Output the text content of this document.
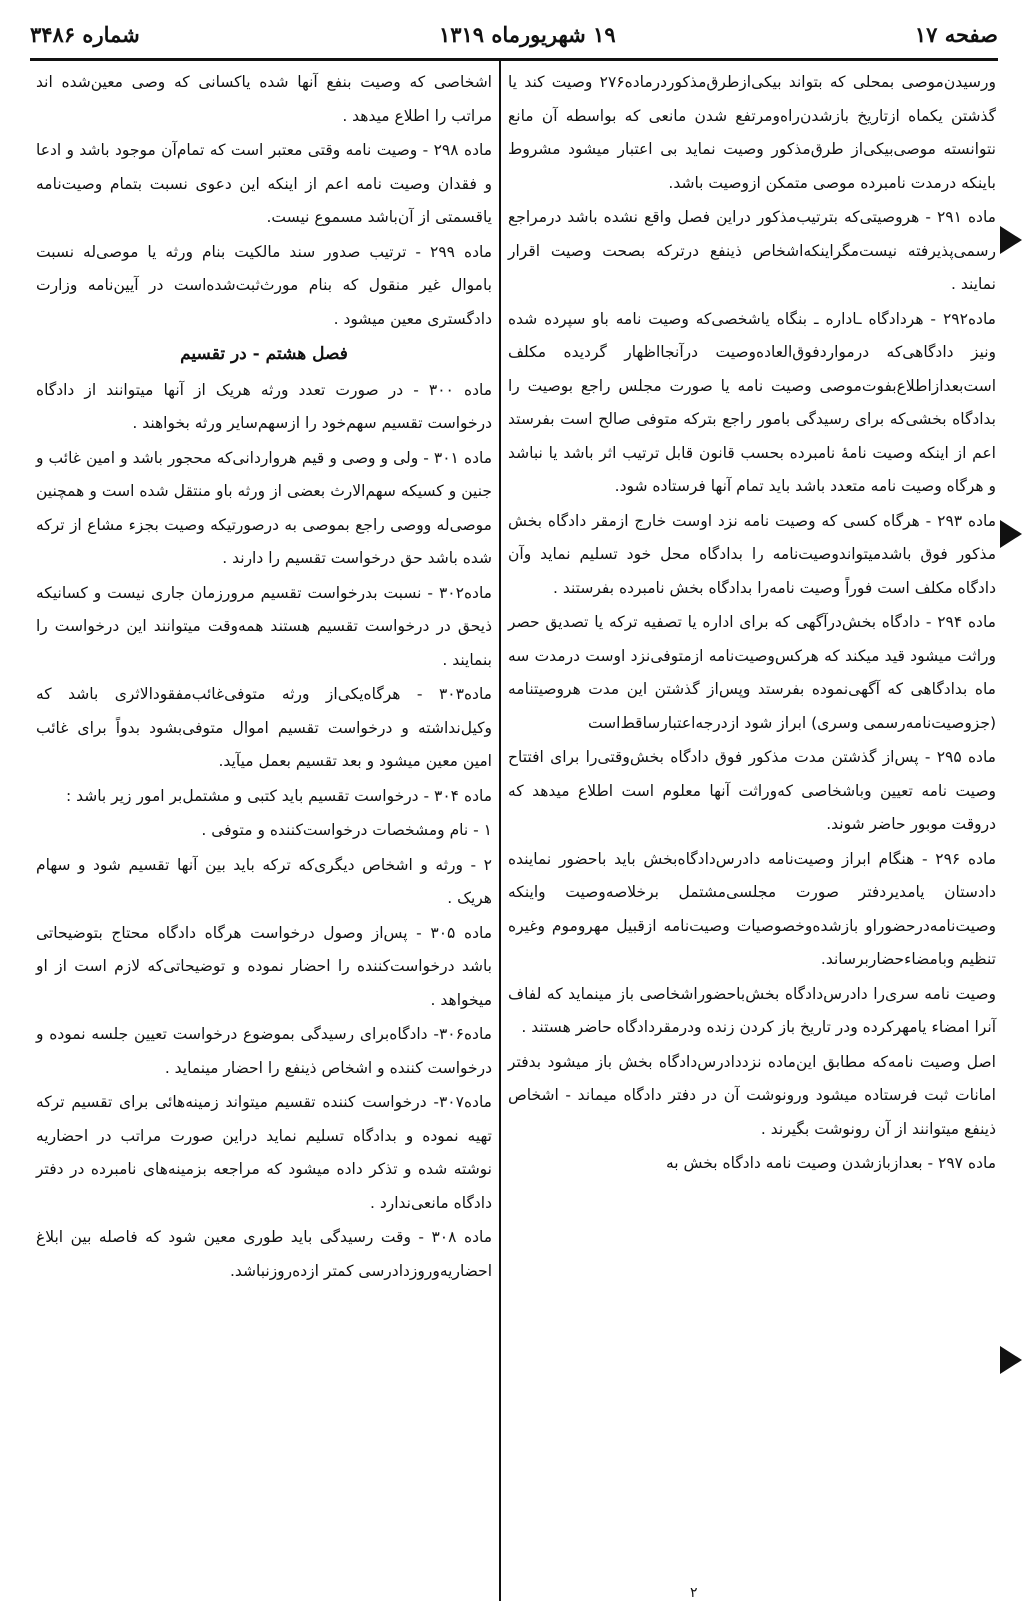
صفحه ۱۷
۱۹ شهریورماه ۱۳۱۹
شماره ۳۴۸۶

ورسیدن‌موصی بمحلی که بتواند بیکی‌ازطرق‌مذکوردرماده۲۷۶ وصیت کند یا گذشتن یکماه ازتاریخ بازشدن‌راه‌ومرتفع شدن مانعی که بواسطه آن مانع نتوانسته موصی‌بیکی‌از طرق‌مذکور وصیت نماید بی اعتبار میشود مشروط باینکه درمدت نامبرده موصی متمکن ازوصیت باشد.

ماده ۲۹۱ - هروصیتی‌که بترتیب‌مذکور دراین فصل واقع نشده باشد درمراجع رسمی‌پذیرفته نیست‌مگراینکه‌اشخاص ذینفع درترکه بصحت وصیت اقرار نمایند .

ماده۲۹۲ - هردادگاه ـاداره ـ بنگاه یاشخصی‌که وصیت نامه باو سپرده شده ونیز دادگاهی‌که درمواردفوق‌العاده‌وصیت درآنجااظهار گردیده مکلف است‌بعدازاطلاع‌بفوت‌موصی وصیت نامه یا صورت مجلس راجع بوصیت را بدادگاه بخشی‌که برای رسیدگی بامور راجع بترکه متوفی صالح است بفرستد اعم از اینکه وصیت نامهٔ نامبرده بحسب قانون قابل ترتیب اثر باشد یا نباشد و هرگاه وصیت نامه متعدد باشد باید تمام آنها فرستاده شود.

ماده ۲۹۳ - هرگاه کسی که وصیت نامه نزد اوست خارج ازمقر دادگاه بخش مذکور فوق باشدمیتواندوصیت‌نامه را بدادگاه محل خود تسلیم نماید وآن دادگاه مکلف است فوراً وصیت نامه‌را بدادگاه بخش نامبرده بفرستند .

ماده ۲۹۴ - دادگاه بخش‌درآگهی که برای اداره یا تصفیه ترکه یا تصدیق حصر وراثت میشود قید میکند که هرکس‌وصیت‌نامه ازمتوفی‌نزد اوست درمدت سه ماه بدادگاهی که آگهی‌نموده بفرستد وپس‌از گذشتن این مدت هروصیتنامه (جزوصیت‌نامه‌رسمی وسری) ابراز شود ازدرجه‌اعتبارساقط‌است

ماده ۲۹۵ - پس‌از گذشتن مدت مذکور فوق دادگاه بخش‌وقتی‌را برای افتتاح وصیت نامه تعیین وباشخاصی که‌وراثت آنها معلوم است اطلاع میدهد که دروقت موبور حاضر شوند.

ماده ۲۹۶ - هنگام ابراز وصیت‌نامه دادرس‌دادگاه‌بخش باید باحضور نماینده دادستان یامدیردفتر صورت مجلسی‌مشتمل برخلاصه‌وصیت واینکه وصیت‌نامه‌درحضوراو بازشده‌وخصوصیات وصیت‌نامه ازقبیل مهروموم وغیره تنظیم وبامضاءحضاربرساند.

وصیت نامه سری‌را دادرس‌دادگاه بخش‌باحضوراشخاصی باز مینماید که لفاف آنرا امضاء یامهرکرده ودر تاریخ باز کردن زنده ودرمقردادگاه حاضر هستند .

اصل وصیت نامه‌که مطابق این‌ماده نزددادرس‌دادگاه بخش باز میشود بدفتر امانات ثبت فرستاده میشود ورونوشت آن در دفتر دادگاه میماند - اشخاص ذینفع میتوانند از آن رونوشت بگیرند .

ماده ۲۹۷ - بعدازبازشدن وصیت نامه دادگاه بخش به

اشخاصی که وصیت بنفع آنها شده یاکسانی که وصی معین‌شده اند مراتب را اطلاع میدهد .

ماده ۲۹۸ - وصیت نامه وقتی معتبر است که تمام‌آن موجود باشد و ادعا و فقدان وصیت نامه اعم از اینکه این دعوی نسبت بتمام وصیت‌نامه یاقسمتی از آن‌باشد مسموع نیست.

ماده ۲۹۹ - ترتیب صدور سند مالکیت بنام ورثه یا موصی‌له نسبت باموال غیر منقول که بنام مورث‌ثبت‌شده‌است در آیین‌نامه وزارت دادگستری معین میشود .

فصل هشتم - در تقسیم

ماده ۳۰۰ - در صورت تعدد ورثه هریک از آنها میتوانند از دادگاه درخواست تقسیم سهم‌خود را ازسهم‌سایر ورثه بخواهند .

ماده ۳۰۱ - ولی و وصی و قیم هرواردانی‌که محجور باشد و امین غائب و جنین و کسیکه سهم‌الارث بعضی از ورثه باو منتقل شده است و همچنین موصی‌له ووصی راجع بموصی به درصورتیکه وصیت بجزء مشاع از ترکه شده باشد حق درخواست تقسیم را دارند .

ماده۳۰۲ - نسبت بدرخواست تقسیم مرورزمان جاری نیست و کسانیکه ذیحق در درخواست تقسیم هستند همه‌وقت میتوانند این درخواست را بنمایند .

ماده۳۰۳ - هرگاه‌یکی‌از ورثه متوفی‌غائب‌مفقودالاثری باشد که وکیل‌نداشته و درخواست تقسیم اموال متوفی‌بشود بدواً برای غائب امین معین میشود و بعد تقسیم بعمل میآید.

ماده ۳۰۴ - درخواست تقسیم باید کتبی و مشتمل‌بر امور زیر باشد :

۱ - نام ومشخصات درخواست‌کننده و متوفی .

۲ - ورثه و اشخاص دیگری‌که ترکه باید بین آنها تقسیم شود و سهام هریک .

ماده ۳۰۵ - پس‌از وصول درخواست هرگاه دادگاه محتاج بتوضیحاتی باشد درخواست‌کننده را احضار نموده و توضیحاتی‌که لازم است از او میخواهد .

ماده۳۰۶- دادگاه‌برای رسیدگی بموضوع درخواست تعیین جلسه نموده و درخواست کننده و اشخاص ذینفع را احضار مینماید .

ماده۳۰۷- درخواست کننده تقسیم میتواند زمینه‌هائی برای تقسیم ترکه تهیه نموده و بدادگاه تسلیم نماید دراین صورت مراتب در احضاریه نوشته شده و تذکر داده میشود که مراجعه بزمینه‌های نامبرده در دفتر دادگاه مانعی‌ندارد .

ماده ۳۰۸ - وقت رسیدگی باید طوری معین شود که فاصله بین ابلاغ احضاریه‌وروزدادرسی کمتر ازده‌روزنباشد.

۲
